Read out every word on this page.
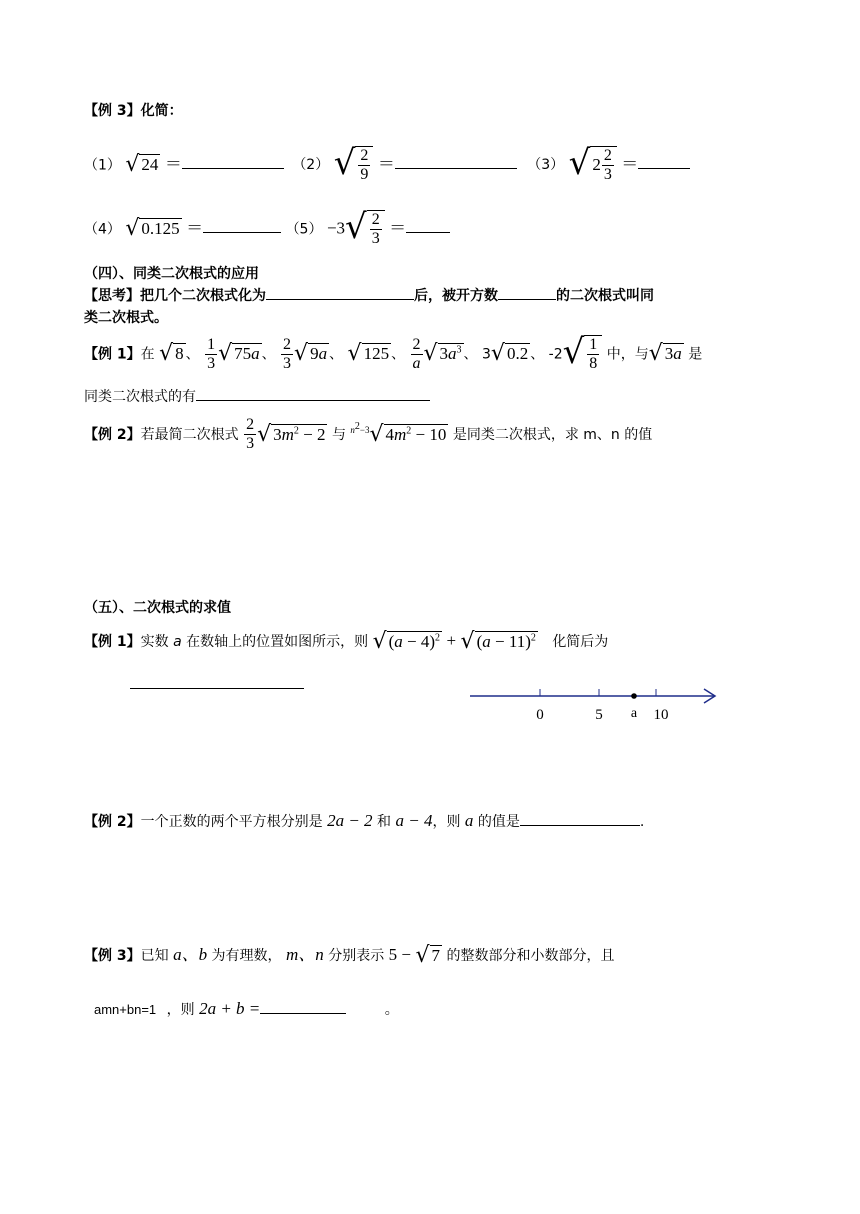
【例 3】化简：
（1） √ 24 ＝	（2） √ $\frac{2}{9}$ ＝	（3） √ $2 \frac{2}{3}$ ＝
（4） √ 0.125 ＝	（5） −3 √ $\frac{2}{3}$ ＝
（四）、同类二次根式的应用
【思考】把几个二次根式化为	后，被开方数	的二次根式叫同
类二次根式。
【例 1】在 √ 8 、 $\frac{1}{3}$ √ 75a 、 $\frac{2}{3}$ √ 9a 、 √ 125 、 $\frac{2}{a}$ √ $3a^3$ 、 3 √ 0.2 、 -2 √ $\frac{1}{8}$ 中，与 √ 3a 是
同类二次根式的有
【例 2】若最简二次根式 $\frac{2}{3}$ √ $3m^2 - 2$ 与 $^{n^2-3}$ √ $4m^2 - 10$ 是同类二次根式，求 m、n 的值
（五）、二次根式的求值
【例 1】实数 a 在数轴上的位置如图所示，则 √ $(a - 4)^2$ + √ $(a - 11)^2$ 化简后为
0	5 a 10
【例 2】一个正数的两个平方根分别是 2a − 2 和 a − 4，则 a 的值是	.
【例 3】已知 a、b 为有理数， m、n 分别表示 5 − √ 7 的整数部分和小数部分，且
amn+bn=1 ，则 2a + b =	。
